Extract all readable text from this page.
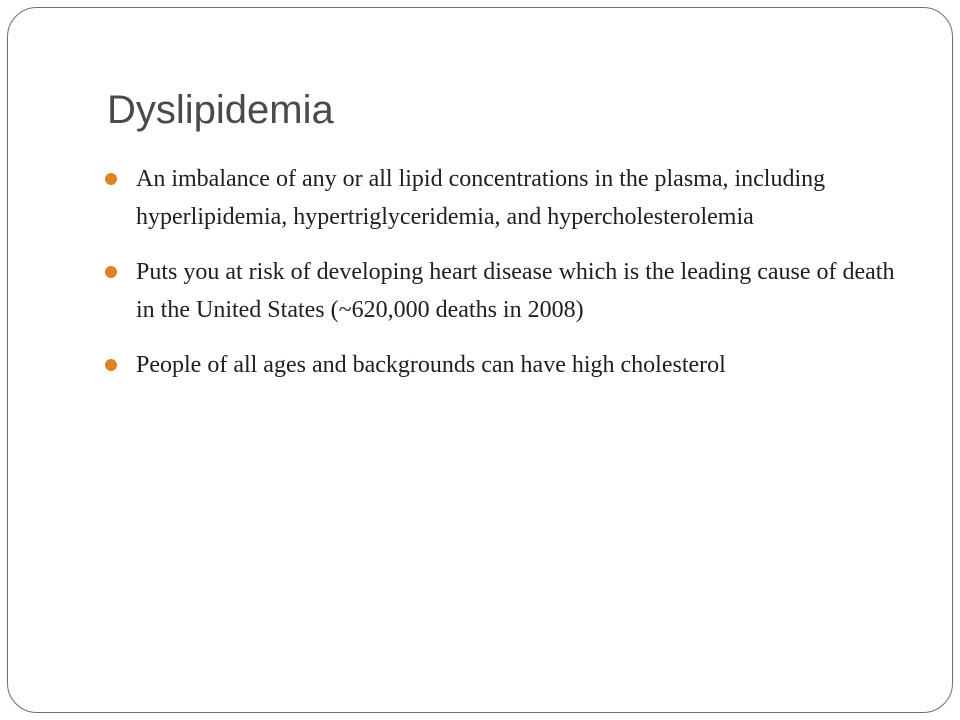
Dyslipidemia
An imbalance of any or all lipid concentrations in the plasma, including hyperlipidemia, hypertriglyceridemia, and hypercholesterolemia
Puts you at risk of developing heart disease which is the leading cause of death in the United States (~620,000 deaths in 2008)
People of all ages and backgrounds can have high cholesterol
